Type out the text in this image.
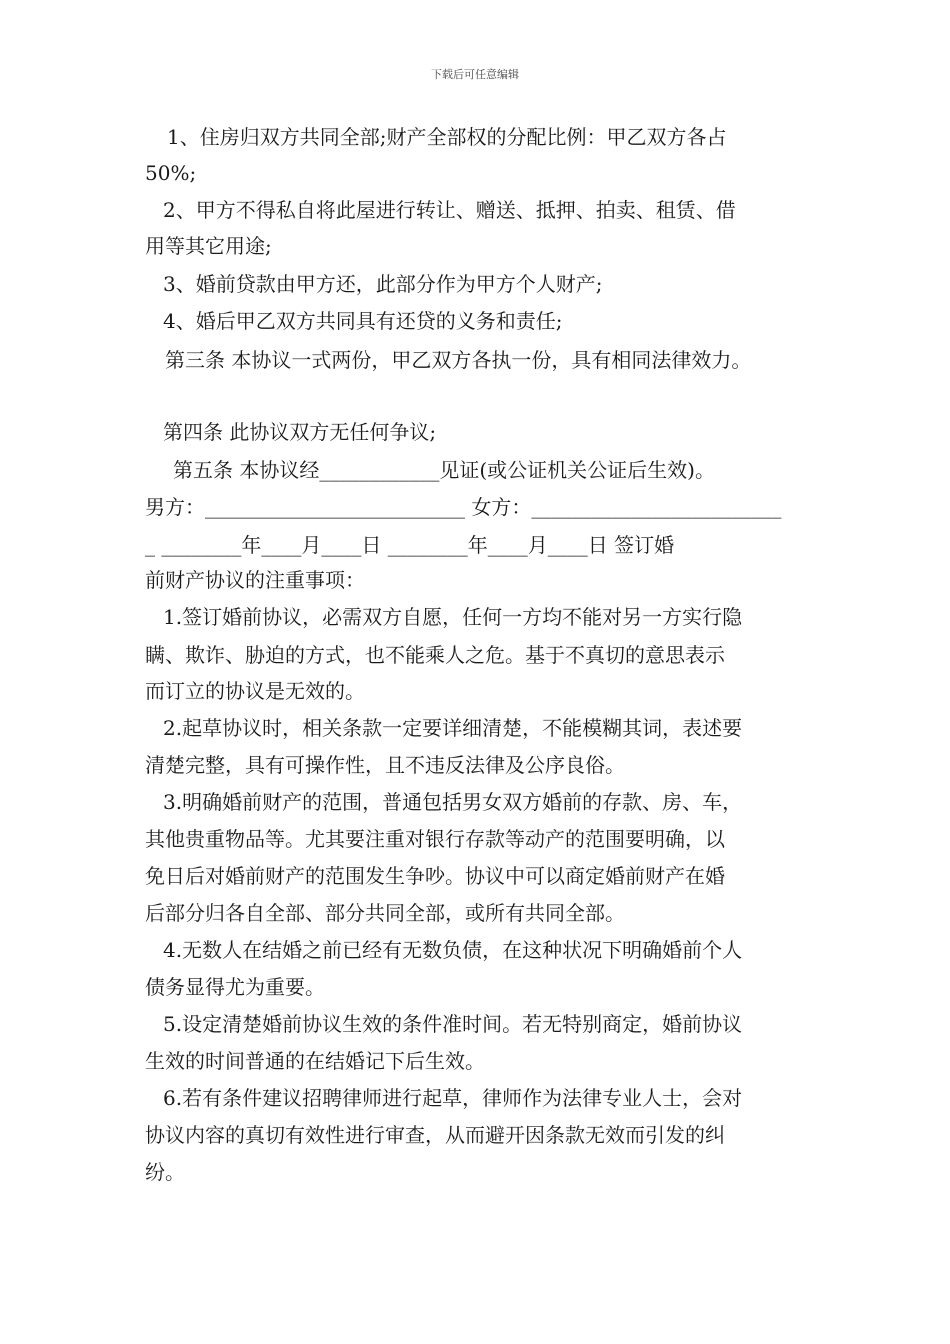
下载后可任意编辑
1、住房归双方共同全部;财产全部权的分配比例：甲乙双方各占
50%;
2、甲方不得私自将此屋进行转让、赠送、抵押、拍卖、租赁、借
用等其它用途;
3、婚前贷款由甲方还，此部分作为甲方个人财产;
4、婚后甲乙双方共同具有还贷的义务和责任;
第三条 本协议一式两份，甲乙双方各执一份，具有相同法律效力。
第四条 此协议双方无任何争议;
第五条 本协议经____________见证(或公证机关公证后生效)。
男方：__________________________ 女方：_________________________
_ ________年____月____日 ________年____月____日 签订婚
前财产协议的注重事项：
1.签订婚前协议，必需双方自愿，任何一方均不能对另一方实行隐
瞒、欺诈、胁迫的方式，也不能乘人之危。基于不真切的意思表示
而订立的协议是无效的。
2.起草协议时，相关条款一定要详细清楚，不能模糊其词，表述要
清楚完整，具有可操作性，且不违反法律及公序良俗。
3.明确婚前财产的范围，普通包括男女双方婚前的存款、房、车，
其他贵重物品等。尤其要注重对银行存款等动产的范围要明确，以
免日后对婚前财产的范围发生争吵。协议中可以商定婚前财产在婚
后部分归各自全部、部分共同全部，或所有共同全部。
4.无数人在结婚之前已经有无数负债，在这种状况下明确婚前个人
债务显得尤为重要。
5.设定清楚婚前协议生效的条件准时间。若无特别商定，婚前协议
生效的时间普通的在结婚记下后生效。
6.若有条件建议招聘律师进行起草，律师作为法律专业人士，会对
协议内容的真切有效性进行审查，从而避开因条款无效而引发的纠
纷。
